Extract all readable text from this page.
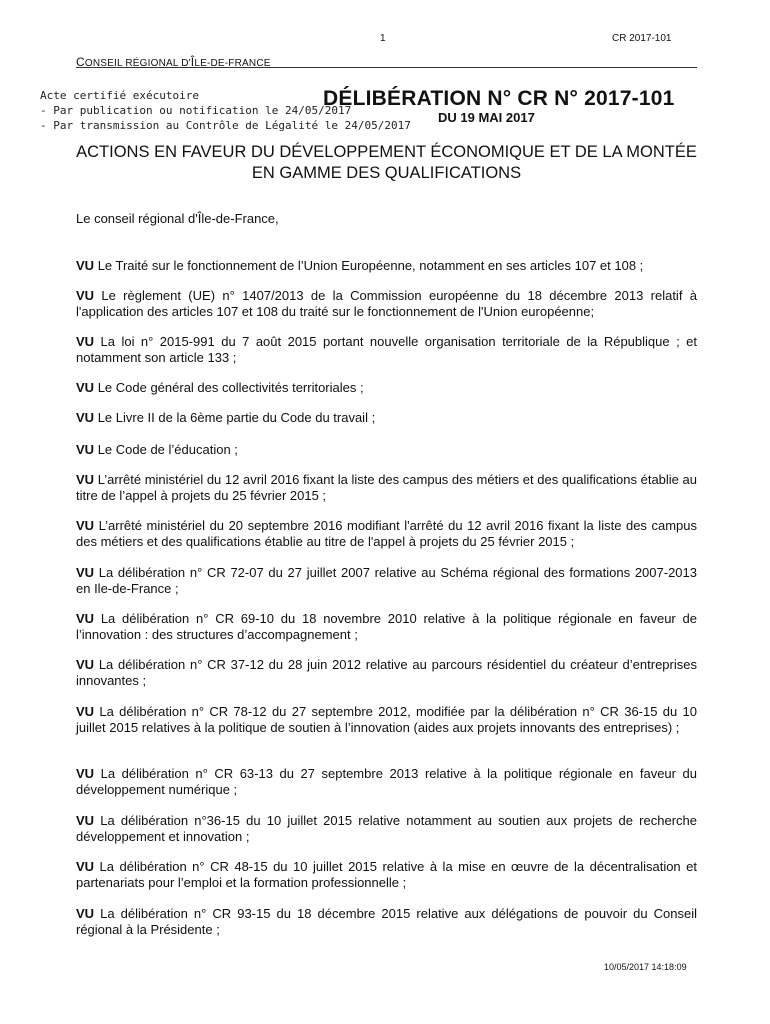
1	CR 2017-101
CONSEIL RÉGIONAL D'ÎLE-DE-FRANCE
Acte certifié exécutoire
- Par publication ou notification le 24/05/2017
- Par transmission au Contrôle de Légalité le 24/05/2017
DÉLIBÉRATION N° CR N° 2017-101
DU 19 MAI 2017
ACTIONS EN FAVEUR DU DÉVELOPPEMENT ÉCONOMIQUE ET DE LA MONTÉE EN GAMME DES QUALIFICATIONS
Le conseil régional d'Île-de-France,
VU Le Traité sur le fonctionnement de l’Union Européenne, notamment en ses articles 107 et 108 ;
VU Le règlement (UE) n° 1407/2013 de la Commission européenne du 18 décembre 2013 relatif à l'application des articles 107 et 108 du traité sur le fonctionnement de l'Union européenne;
VU La loi n° 2015-991 du 7 août 2015 portant nouvelle organisation territoriale de la République ; et notamment son article 133 ;
VU Le Code général des collectivités territoriales ;
VU Le Livre II de la 6ème partie du Code du travail ;
VU Le Code de l’éducation ;
VU L’arrêté ministériel du 12 avril 2016 fixant la liste des campus des métiers et des qualifications établie au titre de l’appel à projets du 25 février 2015 ;
VU L’arrêté ministériel du 20 septembre 2016 modifiant l'arrêté du 12 avril 2016 fixant la liste des campus des métiers et des qualifications établie au titre de l'appel à projets du 25 février 2015 ;
VU La délibération n° CR 72-07 du 27 juillet 2007 relative au Schéma régional des formations 2007-2013 en Ile-de-France ;
VU La délibération n° CR 69-10 du 18 novembre 2010 relative à la politique régionale en faveur de l’innovation : des structures d’accompagnement ;
VU La délibération n° CR 37-12 du 28 juin 2012 relative au parcours résidentiel du créateur d’entreprises innovantes ;
VU La délibération n° CR 78-12 du 27 septembre 2012, modifiée par la délibération n° CR 36-15 du 10 juillet 2015 relatives à la politique de soutien à l’innovation (aides aux projets innovants des entreprises) ;
VU La délibération n° CR 63-13 du 27 septembre 2013 relative à la politique régionale en faveur du développement numérique ;
VU La délibération n°36-15 du 10 juillet 2015 relative notamment au soutien aux projets de recherche développement et innovation ;
VU La délibération n° CR 48-15 du 10 juillet 2015 relative à la mise en œuvre de la décentralisation et partenariats pour l’emploi et la formation professionnelle ;
VU La délibération n° CR 93-15 du 18 décembre 2015 relative aux délégations de pouvoir du Conseil régional à la Présidente ;
10/05/2017 14:18:09
